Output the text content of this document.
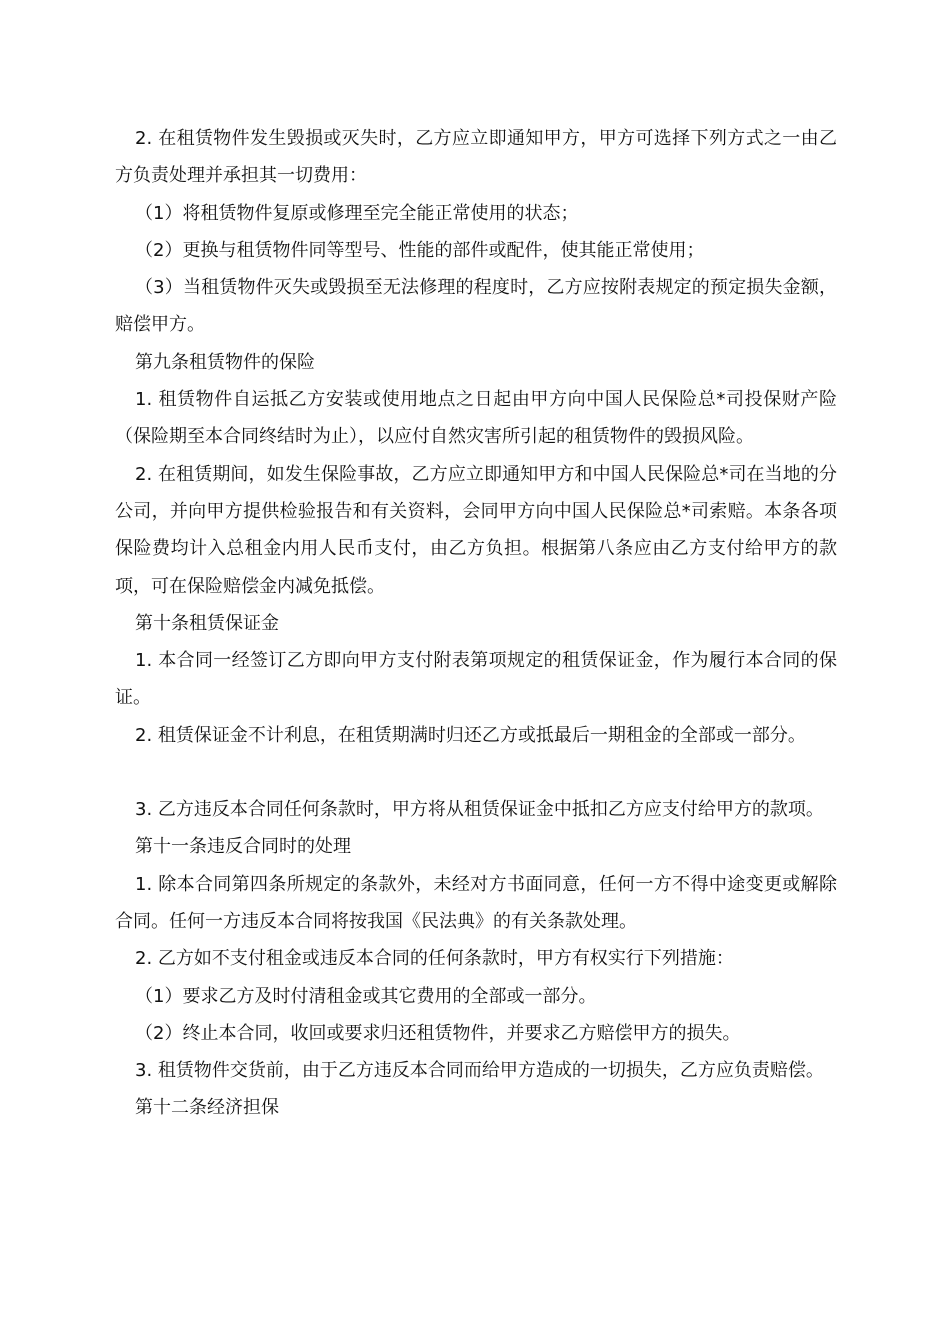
2. 在租赁物件发生毁损或灭失时，乙方应立即通知甲方，甲方可选择下列方式之一由乙方负责处理并承担其一切费用：

（1）将租赁物件复原或修理至完全能正常使用的状态；

（2）更换与租赁物件同等型号、性能的部件或配件，使其能正常使用；

（3）当租赁物件灭失或毁损至无法修理的程度时，乙方应按附表规定的预定损失金额，赔偿甲方。

第九条租赁物件的保险

1. 租赁物件自运抵乙方安装或使用地点之日起由甲方向中国人民保险总*司投保财产险（保险期至本合同终结时为止），以应付自然灾害所引起的租赁物件的毁损风险。

2. 在租赁期间，如发生保险事故，乙方应立即通知甲方和中国人民保险总*司在当地的分公司，并向甲方提供检验报告和有关资料，会同甲方向中国人民保险总*司索赔。本条各项保险费均计入总租金内用人民币支付，由乙方负担。根据第八条应由乙方支付给甲方的款项，可在保险赔偿金内减免抵偿。

第十条租赁保证金

1. 本合同一经签订乙方即向甲方支付附表第项规定的租赁保证金，作为履行本合同的保证。

2. 租赁保证金不计利息，在租赁期满时归还乙方或抵最后一期租金的全部或一部分。

3. 乙方违反本合同任何条款时，甲方将从租赁保证金中抵扣乙方应支付给甲方的款项。

第十一条违反合同时的处理

1. 除本合同第四条所规定的条款外，未经对方书面同意，任何一方不得中途变更或解除合同。任何一方违反本合同将按我国《民法典》的有关条款处理。

2. 乙方如不支付租金或违反本合同的任何条款时，甲方有权实行下列措施：

（1）要求乙方及时付清租金或其它费用的全部或一部分。

（2）终止本合同，收回或要求归还租赁物件，并要求乙方赔偿甲方的损失。

3. 租赁物件交货前，由于乙方违反本合同而给甲方造成的一切损失，乙方应负责赔偿。

第十二条经济担保
